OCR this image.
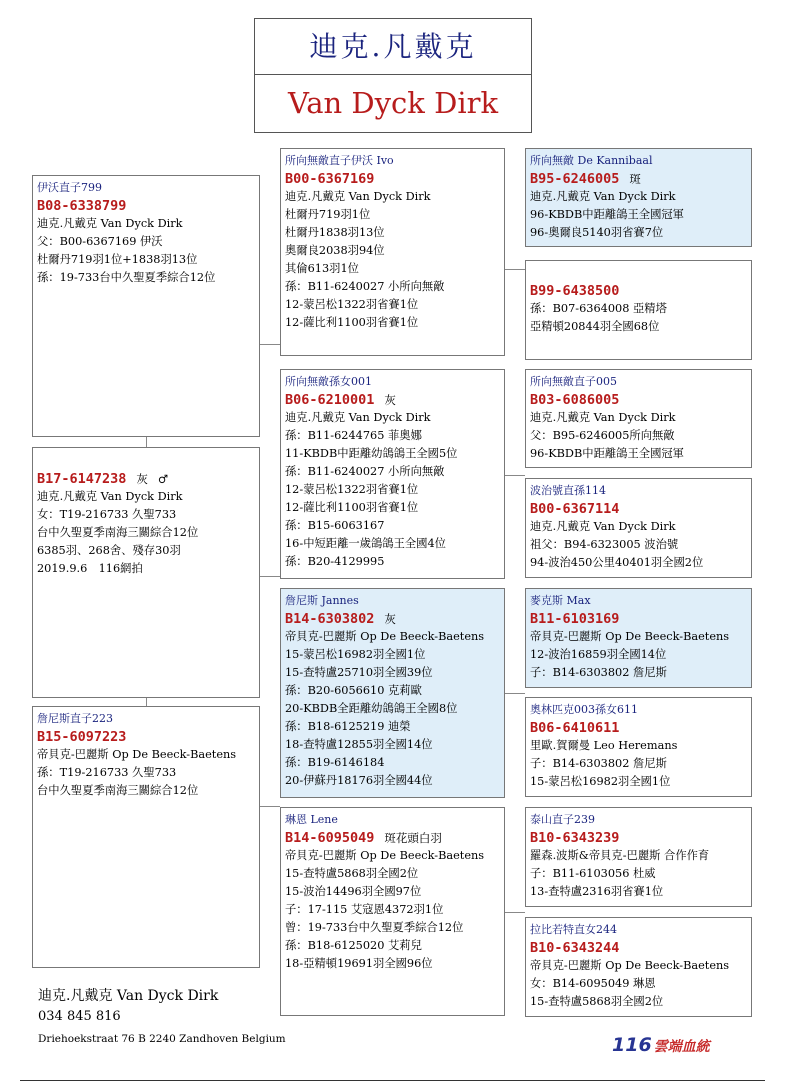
迪克.凡戴克
Van Dyck Dirk
伊沃直子799
B08-6338799
迪克.凡戴克 Van Dyck Dirk
父：B00-6367169 伊沃
杜爾丹719羽1位+1838羽13位
孫：19-733台中久聖夏季綜合12位
B17-6147238 灰 ♂
迪克.凡戴克 Van Dyck Dirk
女：T19-216733 久聖733
台中久聖夏季南海三關綜合12位
6385羽、268舍、殘存30羽
2019.9.6　116網拍
詹尼斯直子223
B15-6097223
帝貝克-巴麗斯 Op De Beeck-Baetens
孫：T19-216733 久聖733
台中久聖夏季南海三關綜合12位
所向無敵直子伊沃 Ivo
B00-6367169
迪克.凡戴克 Van Dyck Dirk
杜爾丹719羽1位
杜爾丹1838羽13位
奧爾良2038羽94位
其倫613羽1位
孫：B11-6240027 小所向無敵
12-蒙呂松1322羽省賽1位
12-薩比利1100羽省賽1位
所向無敵孫女001
B06-6210001 灰
迪克.凡戴克 Van Dyck Dirk
孫：B11-6244765 菲奧娜
11-KBDB中距離幼鴿鴿王全國5位
孫：B11-6240027 小所向無敵
12-蒙呂松1322羽省賽1位
12-薩比利1100羽省賽1位
孫：B15-6063167
16-中短距離一歲鴿鴿王全國4位
孫：B20-4129995
詹尼斯 Jannes
B14-6303802 灰
帝貝克-巴麗斯 Op De Beeck-Baetens
15-蒙呂松16982羽全國1位
15-查特盧25710羽全國39位
孫：B20-6056610 克莉歐
20-KBDB全距離幼鴿鴿王全國8位
孫：B18-6125219 迪榮
18-查特盧12855羽全國14位
孫：B19-6146184
20-伊蘇丹18176羽全國44位
琳恩 Lene
B14-6095049 斑花頭白羽
帝貝克-巴麗斯 Op De Beeck-Baetens
15-查特盧5868羽全國2位
15-波治14496羽全國97位
子：17-115 艾寇恩4372羽1位
曾：19-733台中久聖夏季綜合12位
孫：B18-6125020 艾莉兒
18-亞精頓19691羽全國96位
所向無敵 De Kannibaal
B95-6246005 斑
迪克.凡戴克 Van Dyck Dirk
96-KBDB中距離鴿王全國冠軍
96-奧爾良5140羽省賽7位
B99-6438500
孫：B07-6364008 亞精塔
亞精頓20844羽全國68位
所向無敵直子005
B03-6086005
迪克.凡戴克 Van Dyck Dirk
父：B95-6246005所向無敵
96-KBDB中距離鴿王全國冠軍
波治號直孫114
B00-6367114
迪克.凡戴克 Van Dyck Dirk
祖父：B94-6323005 波治號
94-波治450公里40401羽全國2位
麥克斯 Max
B11-6103169
帝貝克-巴麗斯 Op De Beeck-Baetens
12-波治16859羽全國14位
子：B14-6303802 詹尼斯
奧林匹克003孫女611
B06-6410611
里歐.賀爾曼 Leo Heremans
子：B14-6303802 詹尼斯
15-蒙呂松16982羽全國1位
泰山直子239
B10-6343239
羅森.波斯&帝貝克-巴麗斯 合作作育
子：B11-6103056 杜威
13-查特盧2316羽省賽1位
拉比若特直女244
B10-6343244
帝貝克-巴麗斯 Op De Beeck-Baetens
女：B14-6095049 琳恩
15-查特盧5868羽全國2位
迪克.凡戴克 Van Dyck Dirk
034 845 816
Driehoekstraat 76 B 2240 Zandhoven Belgium	116 雲端血統
